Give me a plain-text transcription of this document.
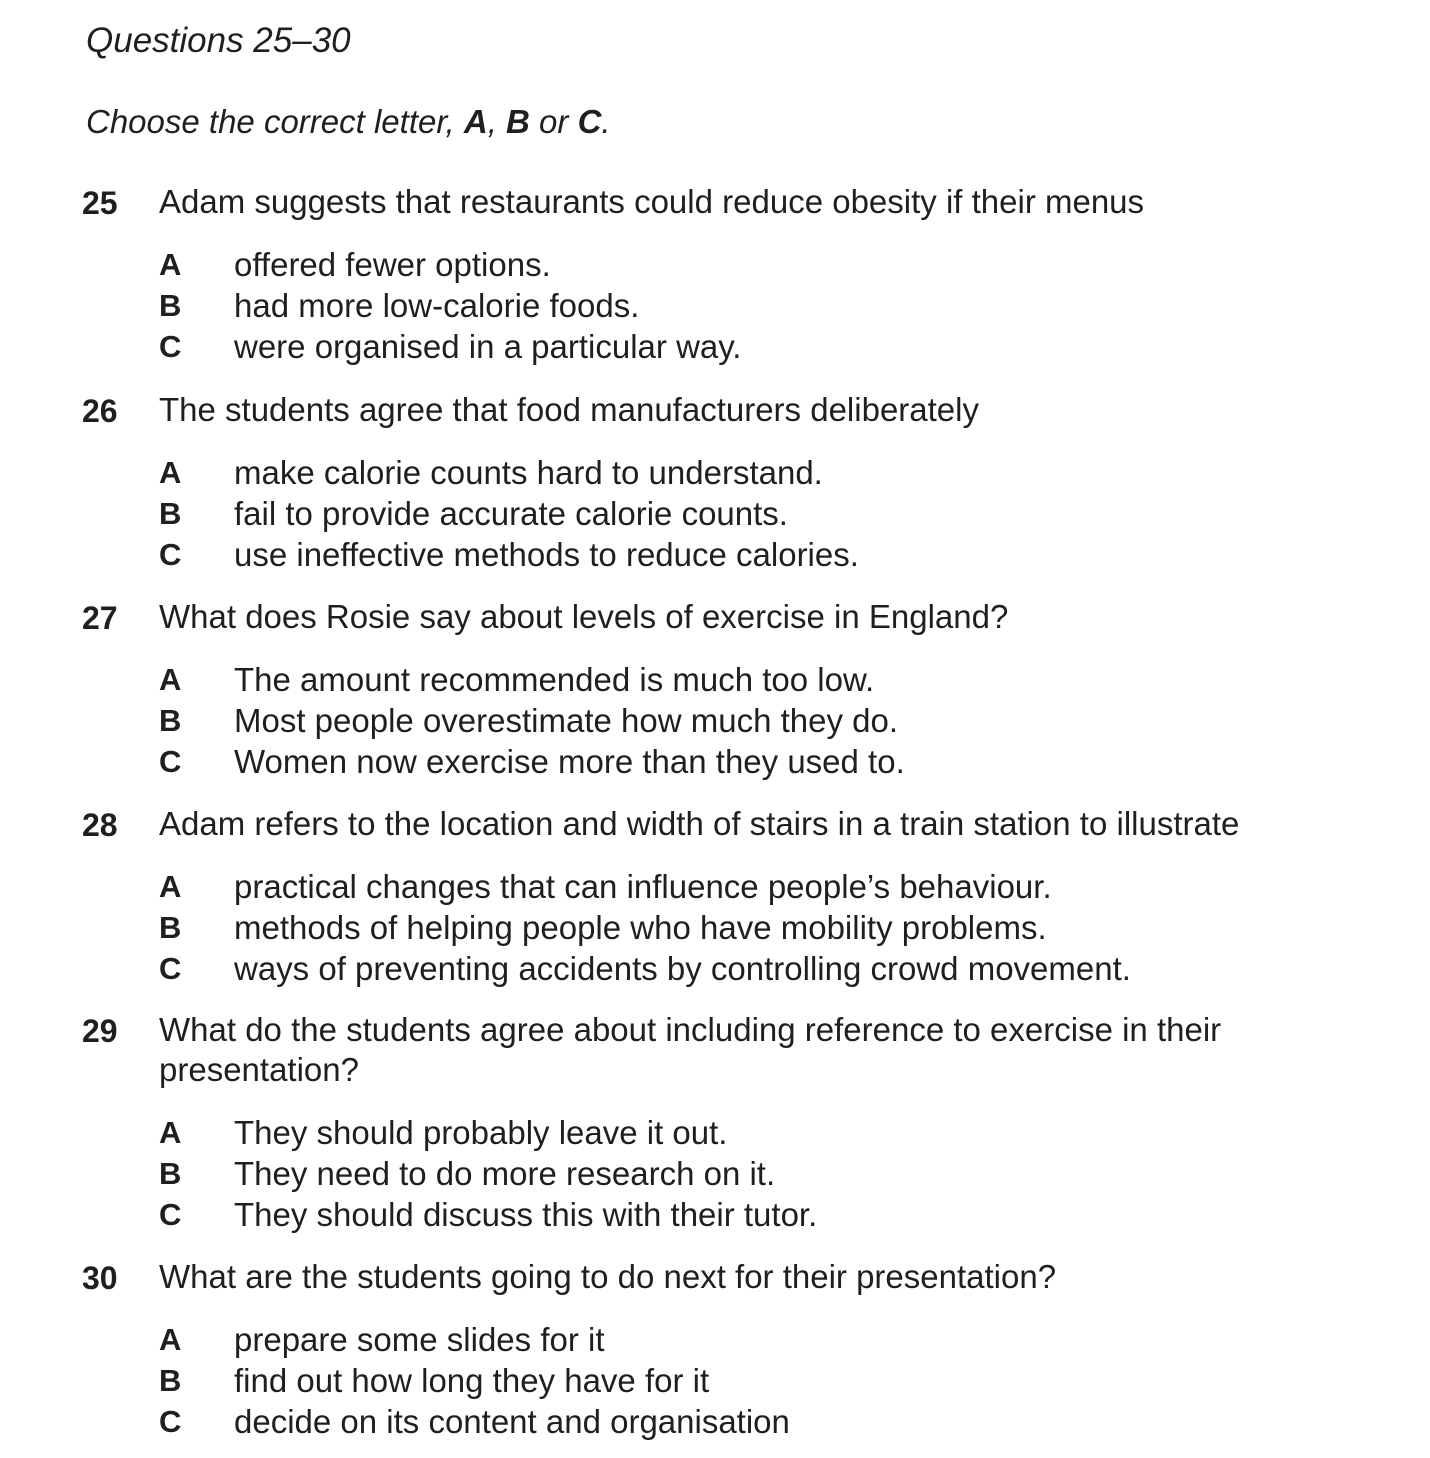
Questions 25–30
Choose the correct letter, A, B or C.
25 Adam suggests that restaurants could reduce obesity if their menus
A offered fewer options.
B had more low-calorie foods.
C were organised in a particular way.
26 The students agree that food manufacturers deliberately
A make calorie counts hard to understand.
B fail to provide accurate calorie counts.
C use ineffective methods to reduce calories.
27 What does Rosie say about levels of exercise in England?
A The amount recommended is much too low.
B Most people overestimate how much they do.
C Women now exercise more than they used to.
28 Adam refers to the location and width of stairs in a train station to illustrate
A practical changes that can influence people’s behaviour.
B methods of helping people who have mobility problems.
C ways of preventing accidents by controlling crowd movement.
29 What do the students agree about including reference to exercise in their presentation?
A They should probably leave it out.
B They need to do more research on it.
C They should discuss this with their tutor.
30 What are the students going to do next for their presentation?
A prepare some slides for it
B find out how long they have for it
C decide on its content and organisation
